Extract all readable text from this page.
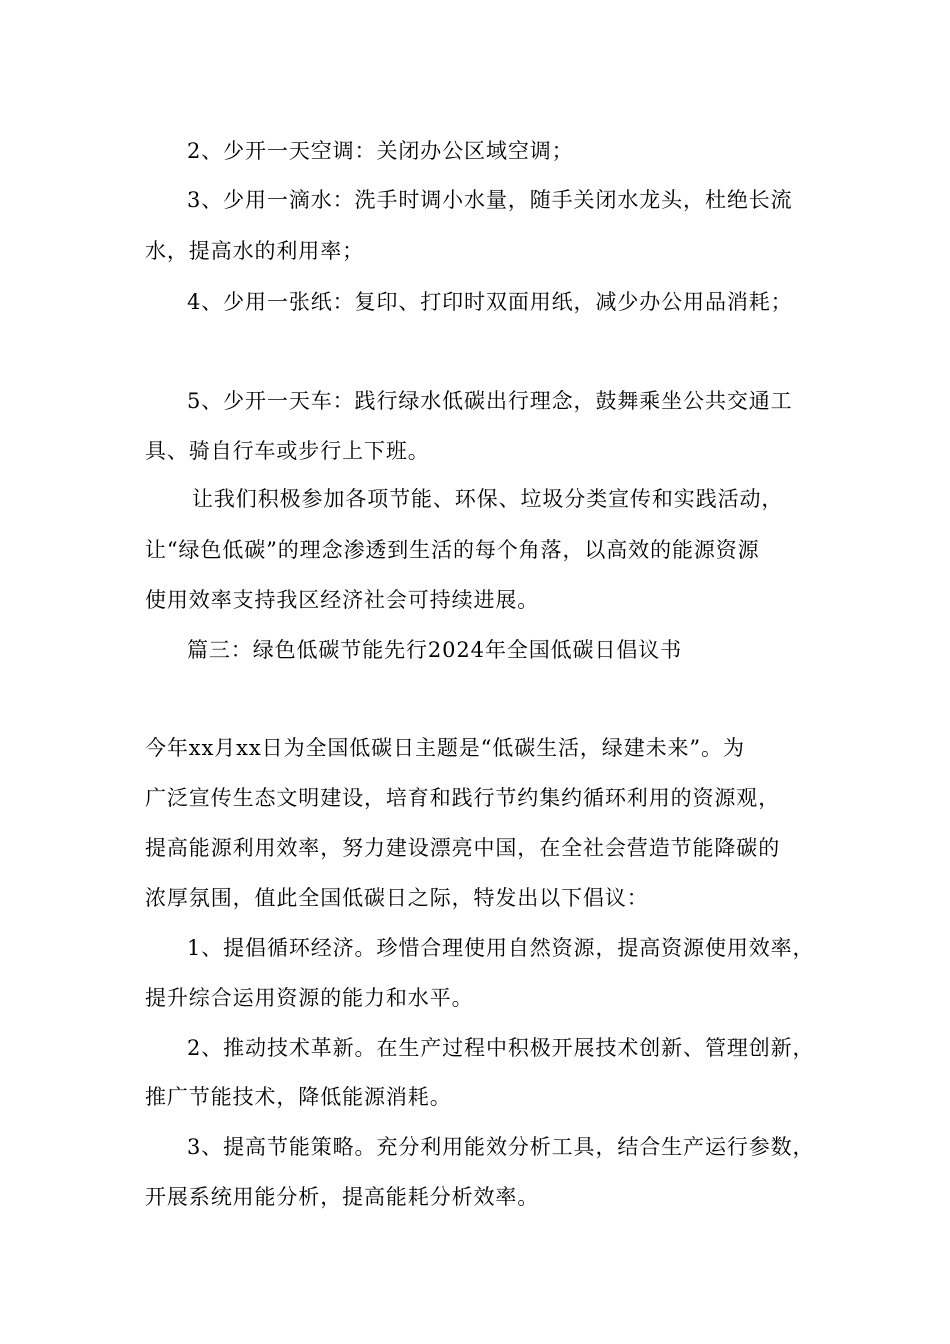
2、少开一天空调：关闭办公区域空调；
3、少用一滴水：洗手时调小水量，随手关闭水龙头，杜绝长流
水，提高水的利用率；
4、少用一张纸：复印、打印时双面用纸，减少办公用品消耗；
5、少开一天车：践行绿水低碳出行理念，鼓舞乘坐公共交通工
具、骑自行车或步行上下班。
让我们积极参加各项节能、环保、垃圾分类宣传和实践活动，
让“绿色低碳”的理念渗透到生活的每个角落，以高效的能源资源
使用效率支持我区经济社会可持续进展。
篇三：绿色低碳节能先行2024年全国低碳日倡议书
今年xx月xx日为全国低碳日主题是“低碳生活，绿建未来”。为
广泛宣传生态文明建设，培育和践行节约集约循环利用的资源观，
提高能源利用效率，努力建设漂亮中国，在全社会营造节能降碳的
浓厚氛围，值此全国低碳日之际，特发出以下倡议：
1、提倡循环经济。珍惜合理使用自然资源，提高资源使用效率，
提升综合运用资源的能力和水平。
2、推动技术革新。在生产过程中积极开展技术创新、管理创新，
推广节能技术，降低能源消耗。
3、提高节能策略。充分利用能效分析工具，结合生产运行参数，
开展系统用能分析，提高能耗分析效率。
